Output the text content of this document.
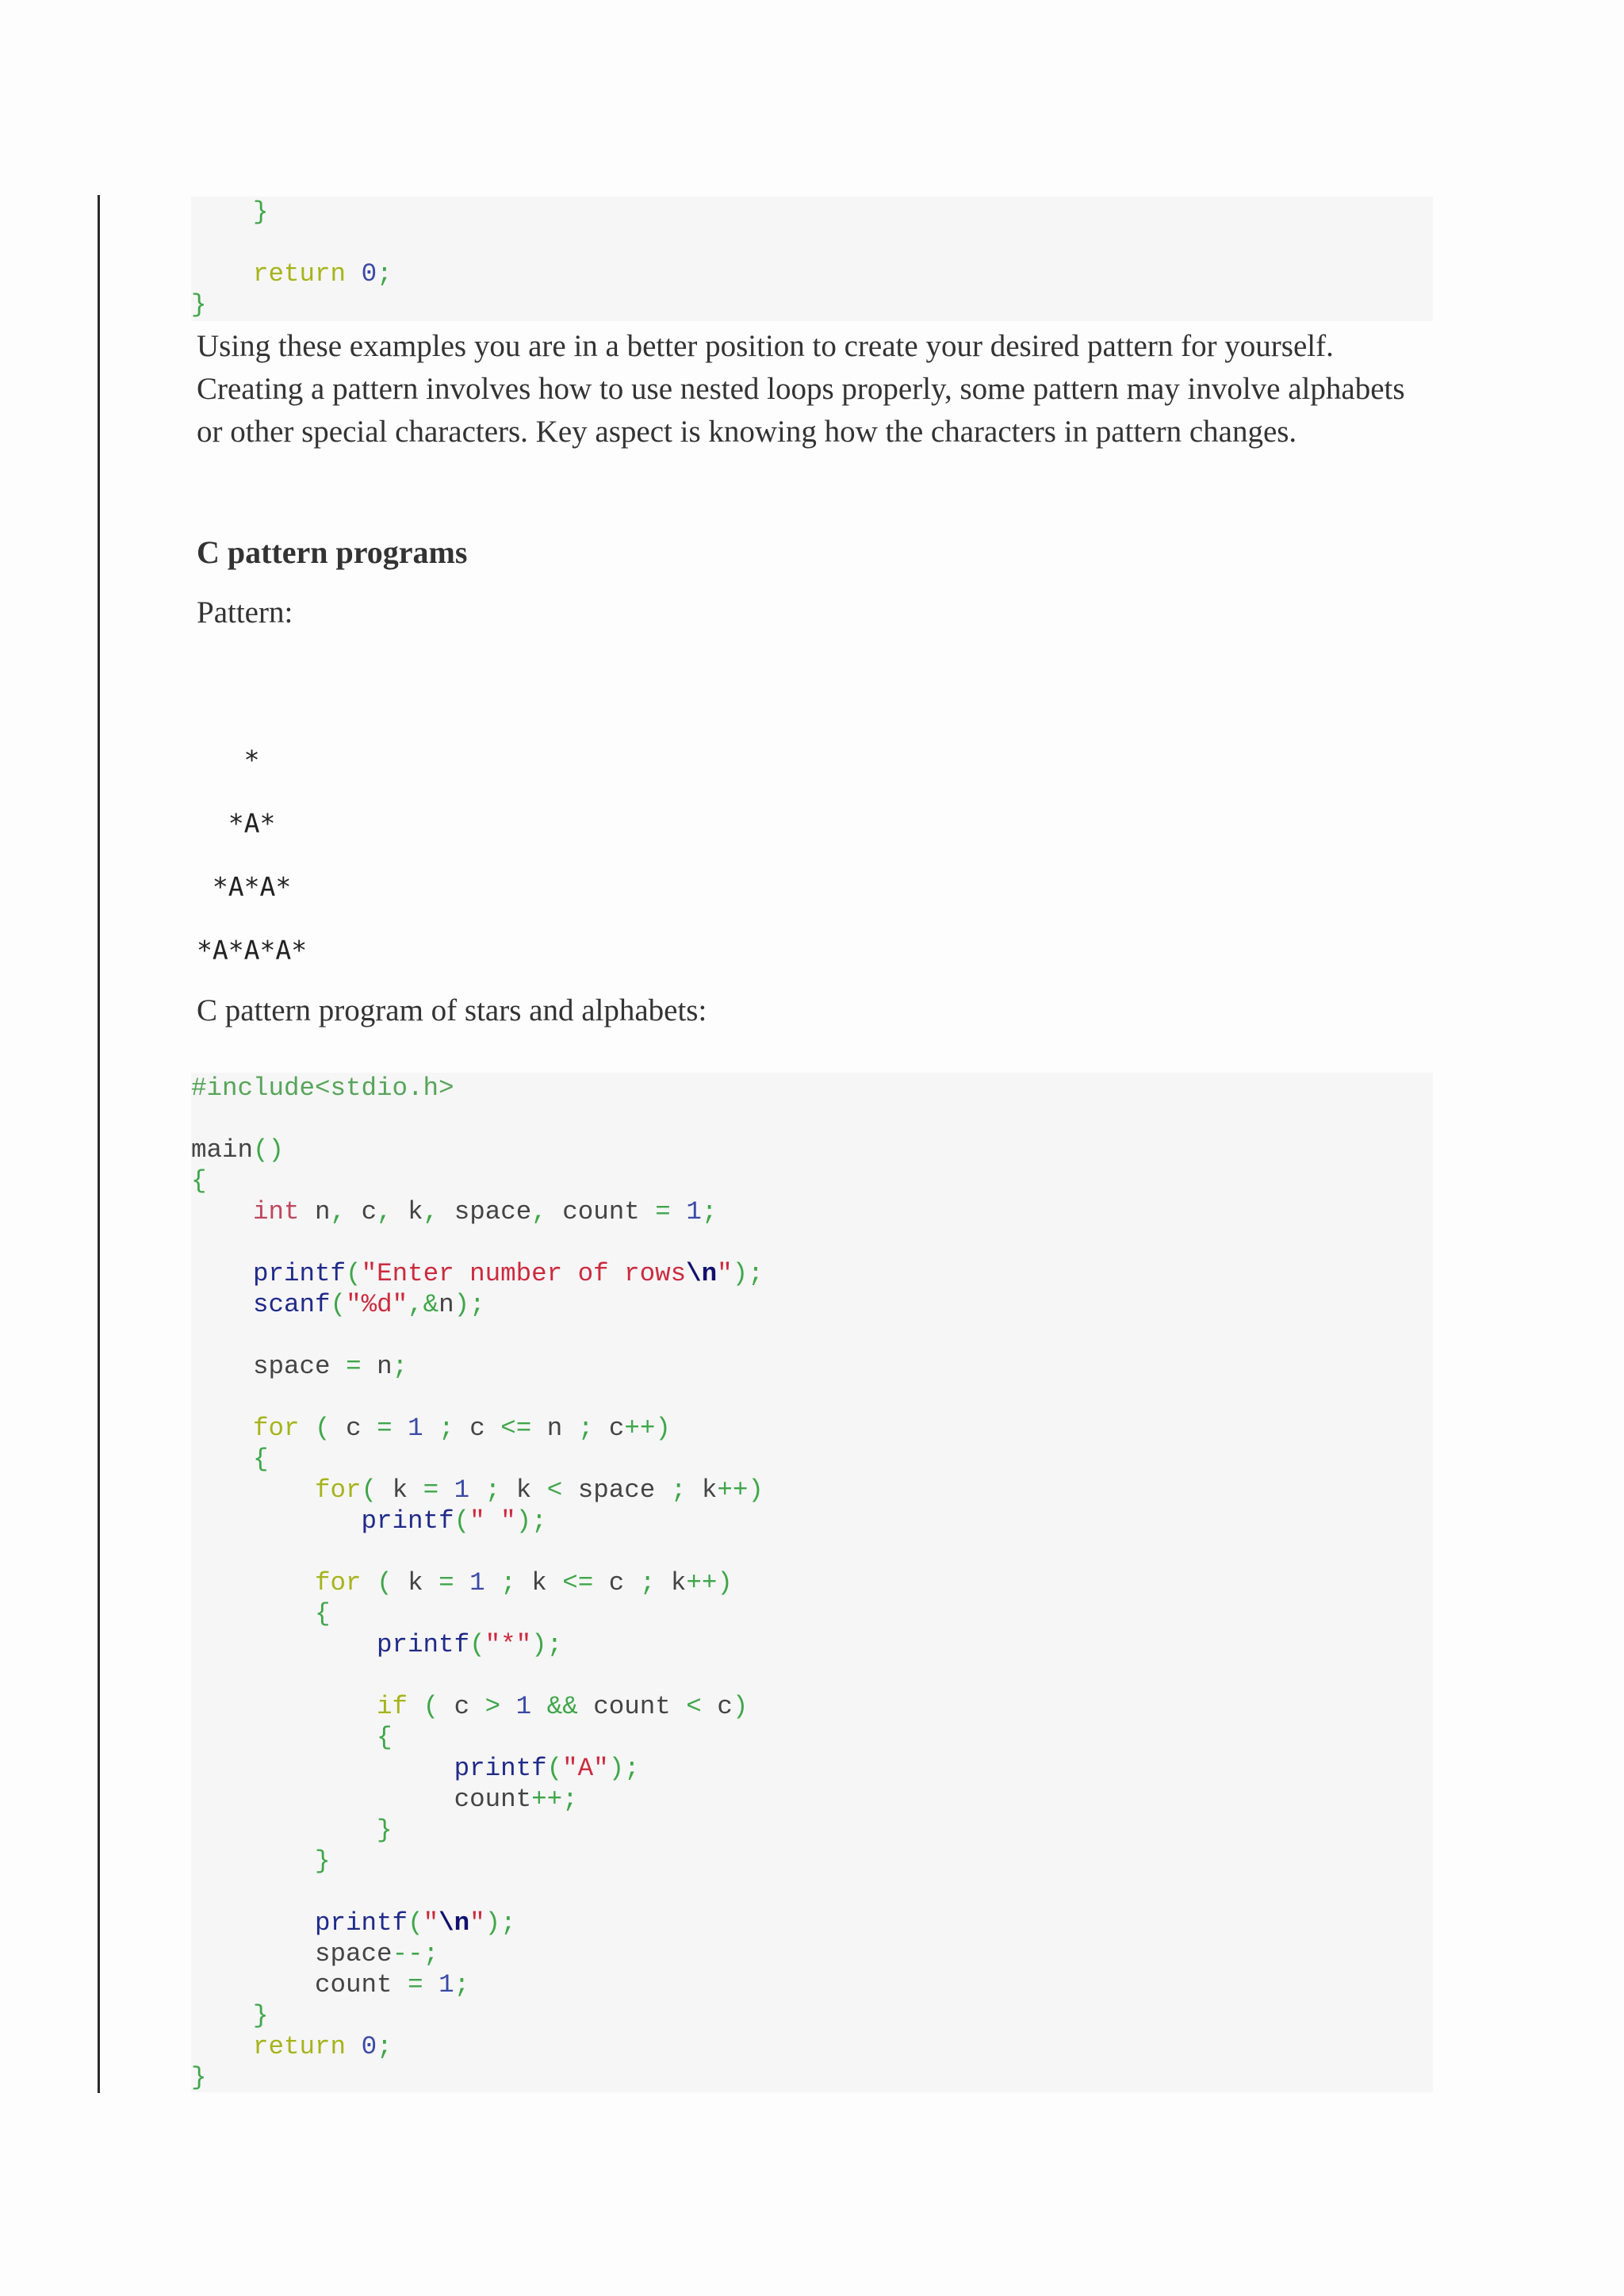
}
return 0;
}

Using these examples you are in a better position to create your desired pattern for yourself. Creating a pattern involves how to use nested loops properly, some pattern may involve alphabets or other special characters. Key aspect is knowing how the characters in pattern changes.

C pattern programs

Pattern:

*
*A*
*A*A*
*A*A*A*

C pattern program of stars and alphabets:

#include<stdio.h>
main()
{
int n, c, k, space, count = 1;
printf("Enter number of rows\n");
scanf("%d",&n);
space = n;
for ( c = 1 ; c <= n ; c++)
{
for( k = 1 ; k < space ; k++)
printf(" ");
for ( k = 1 ; k <= c ; k++)
{
printf("*");
if ( c > 1 && count < c)
{
printf("A");
count++;
}
}
printf("\n");
space--;
count = 1;
}
return 0;
}
